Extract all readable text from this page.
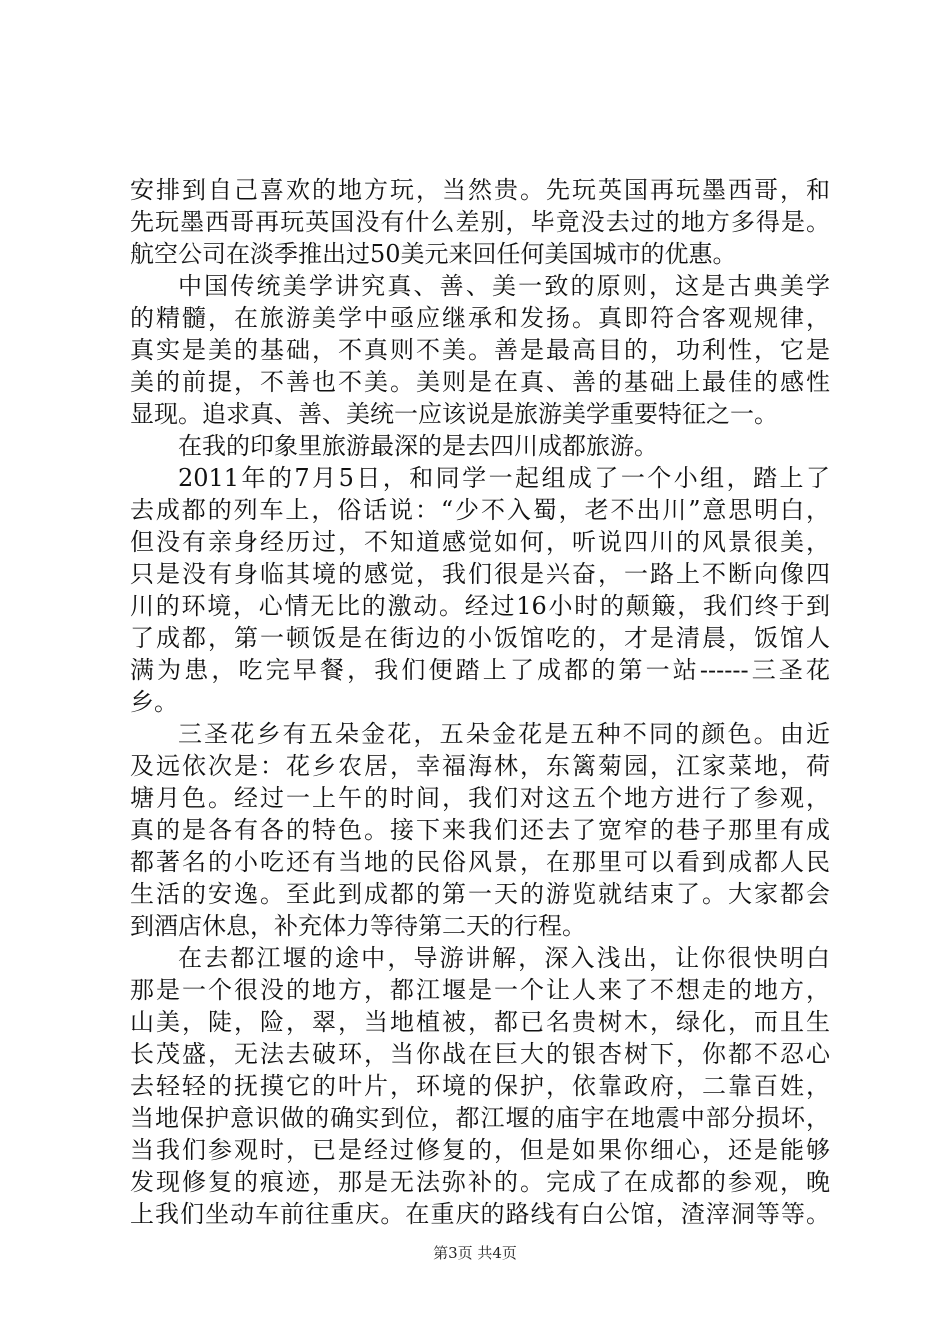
安排到自己喜欢的地方玩，当然贵。先玩英国再玩墨西哥，和
先玩墨西哥再玩英国没有什么差别，毕竟没去过的地方多得是。
航空公司在淡季推出过50美元来回任何美国城市的优惠。
中国传统美学讲究真、善、美一致的原则，这是古典美学
的精髓，在旅游美学中亟应继承和发扬。真即符合客观规律，
真实是美的基础，不真则不美。善是最高目的，功利性，它是
美的前提，不善也不美。美则是在真、善的基础上最佳的感性
显现。追求真、善、美统一应该说是旅游美学重要特征之一。
在我的印象里旅游最深的是去四川成都旅游。
2011年的7月5日，和同学一起组成了一个小组，踏上了
去成都的列车上，俗话说：“少不入蜀，老不出川”意思明白，
但没有亲身经历过，不知道感觉如何，听说四川的风景很美，
只是没有身临其境的感觉，我们很是兴奋，一路上不断向像四
川的环境，心情无比的激动。经过16小时的颠簸，我们终于到
了成都，第一顿饭是在街边的小饭馆吃的，才是清晨，饭馆人
满为患，吃完早餐，我们便踏上了成都的第一站------三圣花
乡。
三圣花乡有五朵金花，五朵金花是五种不同的颜色。由近
及远依次是：花乡农居，幸福海林，东篱菊园，江家菜地，荷
塘月色。经过一上午的时间，我们对这五个地方进行了参观，
真的是各有各的特色。接下来我们还去了宽窄的巷子那里有成
都著名的小吃还有当地的民俗风景，在那里可以看到成都人民
生活的安逸。至此到成都的第一天的游览就结束了。大家都会
到酒店休息，补充体力等待第二天的行程。
在去都江堰的途中，导游讲解，深入浅出，让你很快明白
那是一个很没的地方，都江堰是一个让人来了不想走的地方，
山美，陡，险，翠，当地植被，都已名贵树木，绿化，而且生
长茂盛，无法去破环，当你战在巨大的银杏树下，你都不忍心
去轻轻的抚摸它的叶片，环境的保护，依靠政府，二靠百姓，
当地保护意识做的确实到位，都江堰的庙宇在地震中部分损坏，
当我们参观时，已是经过修复的，但是如果你细心，还是能够
发现修复的痕迹，那是无法弥补的。完成了在成都的参观，晚
上我们坐动车前往重庆。在重庆的路线有白公馆，渣滓洞等等。
第3页 共4页
